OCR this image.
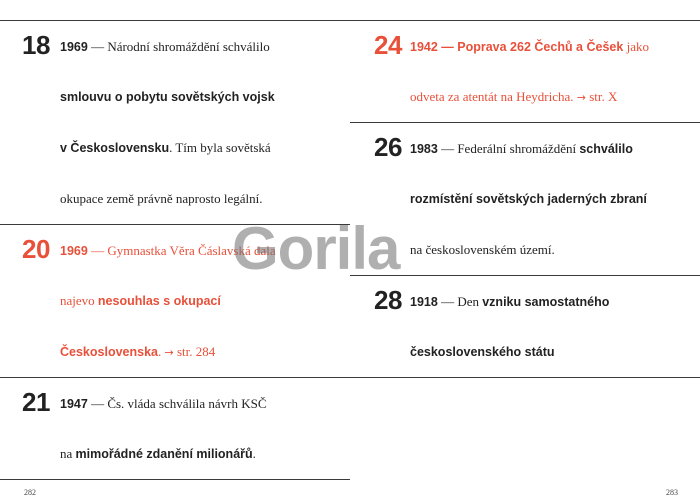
18 1969 — Národní shromáždění schválilo
smlouvu o pobytu sovětských vojsk
v Československu. Tím byla sovětská
okupace země právně naprosto legální.
20 1969 — Gymnastka Věra Čáslavská dala
najevo nesouhlas s okupací
Československa. → str. 284
21 1947 — Čs. vláda schválila návrh KSČ
na mimořádné zdanění milionářů.
24 1942 — Poprava 262 Čechů a Češek jako
odveta za atentát na Heydricha. → str. X
26 1983 — Federální shromáždění schválilo
rozmístění sovětských jaderných zbraní
na československém území.
28 1918 — Den vzniku samostatného
československého státu
282	283
Gorila
